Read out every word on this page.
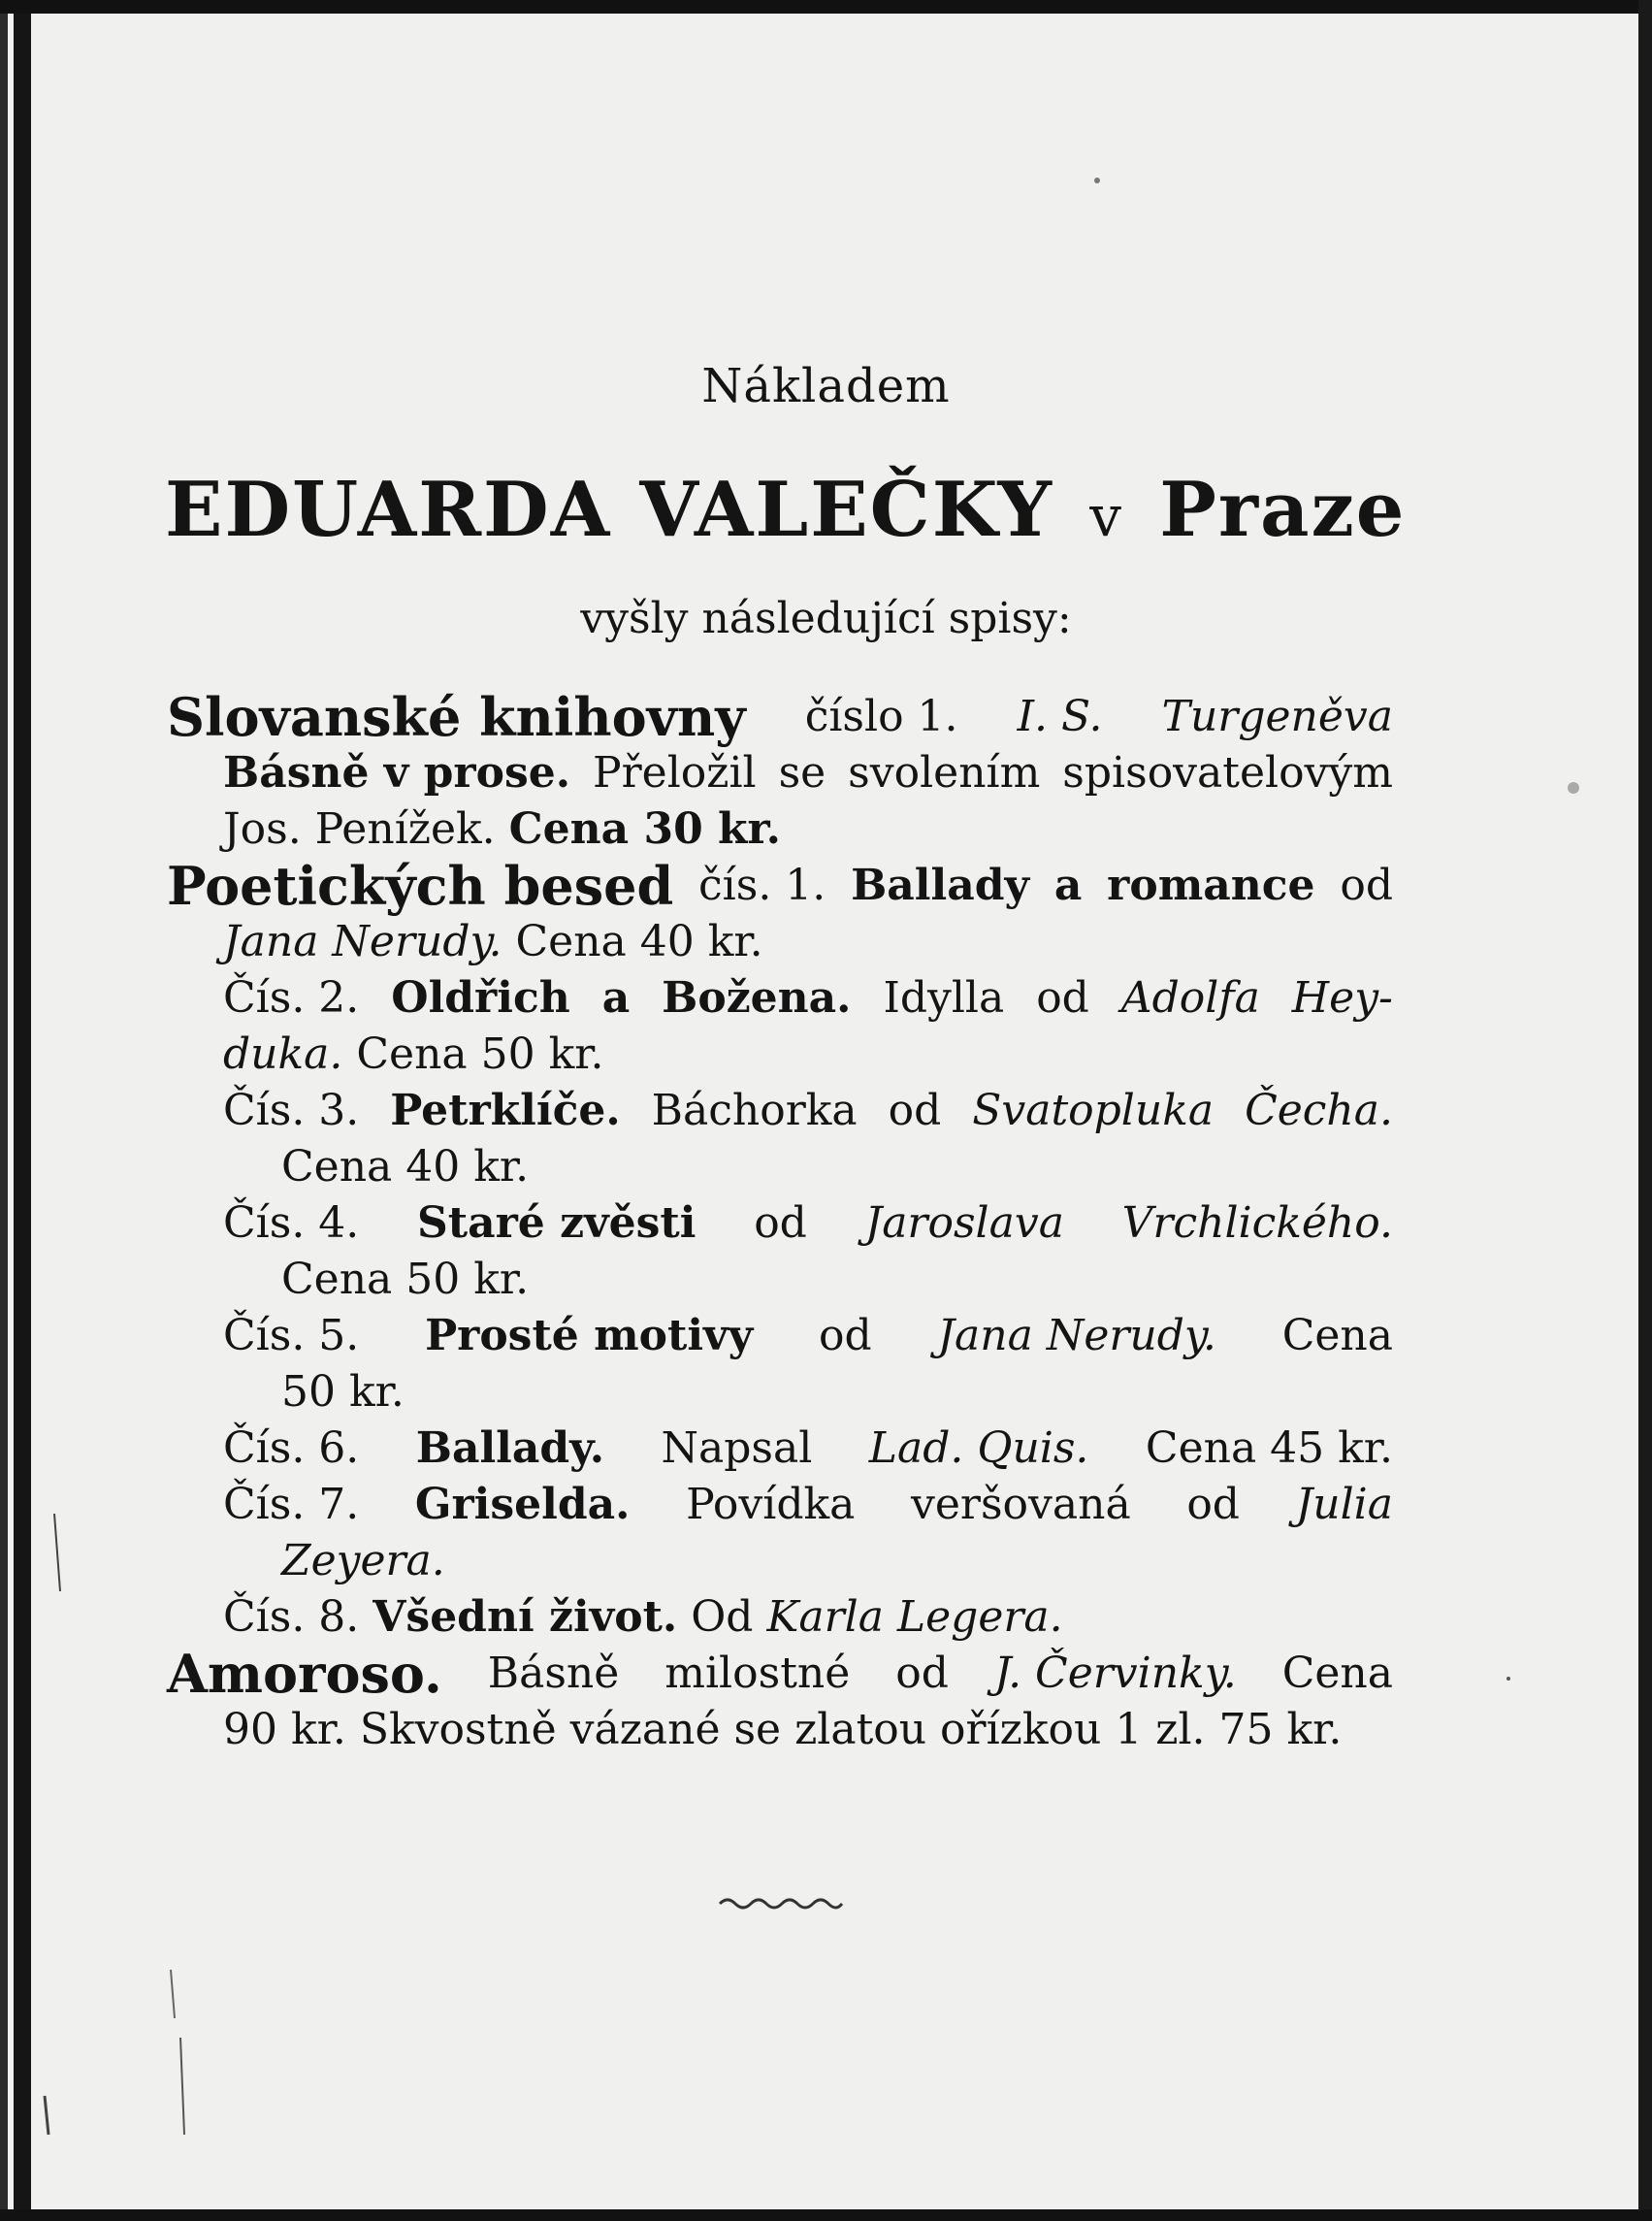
Nákladem
EDUARDA VALEČKY v Praze
vyšly následující spisy:
Slovanské knihovny číslo 1. I. S. Turgeněva
Básně v prose. Přeložil se svolením spisovatelovým
Jos. Penížek. Cena 30 kr.
Poetických besed čís. 1. Ballady a romance od
Jana Nerudy. Cena 40 kr.
Čís. 2. Oldřich a Božena. Idylla od Adolfa Hey-
duka. Cena 50 kr.
Čís. 3. Petrklíče. Báchorka od Svatopluka Čecha.
Cena 40 kr.
Čís. 4. Staré zvěsti od Jaroslava Vrchlického.
Cena 50 kr.
Čís. 5. Prosté motivy od Jana Nerudy. Cena
50 kr.
Čís. 6. Ballady. Napsal Lad. Quis. Cena 45 kr.
Čís. 7. Griselda. Povídka veršovaná od Julia
Zeyera.
Čís. 8. Všední život. Od Karla Legera.
Amoroso. Básně milostné od J. Červinky. Cena
90 kr. Skvostně vázané se zlatou ořízkou 1 zl. 75 kr.
